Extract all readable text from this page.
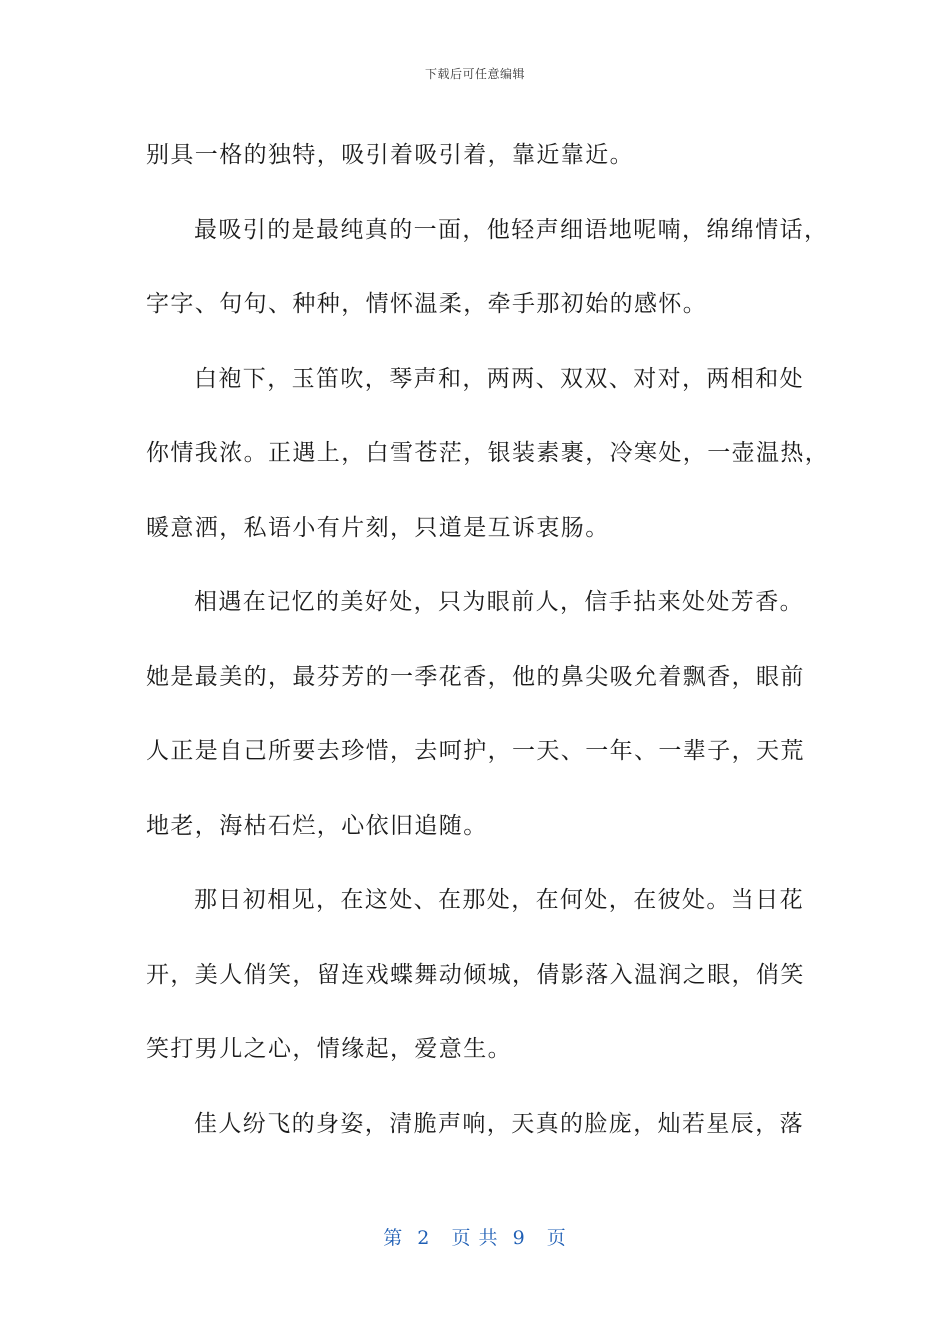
下载后可任意编辑
别具一格的独特，吸引着吸引着，靠近靠近。
最吸引的是最纯真的一面，他轻声细语地呢喃，绵绵情话，
字字、句句、种种，情怀温柔，牵手那初始的感怀。
白袍下，玉笛吹，琴声和，两两、双双、对对，两相和处
你情我浓。正遇上，白雪苍茫，银装素裹，冷寒处，一壶温热，
暖意洒，私语小有片刻，只道是互诉衷肠。
相遇在记忆的美好处，只为眼前人，信手拈来处处芳香。
她是最美的，最芬芳的一季花香，他的鼻尖吸允着飘香，眼前
人正是自己所要去珍惜，去呵护，一天、一年、一辈子，天荒
地老，海枯石烂，心依旧追随。
那日初相见，在这处、在那处，在何处，在彼处。当日花
开，美人俏笑，留连戏蝶舞动倾城，倩影落入温润之眼，俏笑
笑打男儿之心，情缘起，爱意生。
佳人纷飞的身姿，清脆声响，天真的脸庞，灿若星辰，落
第  2   页 共  9   页
